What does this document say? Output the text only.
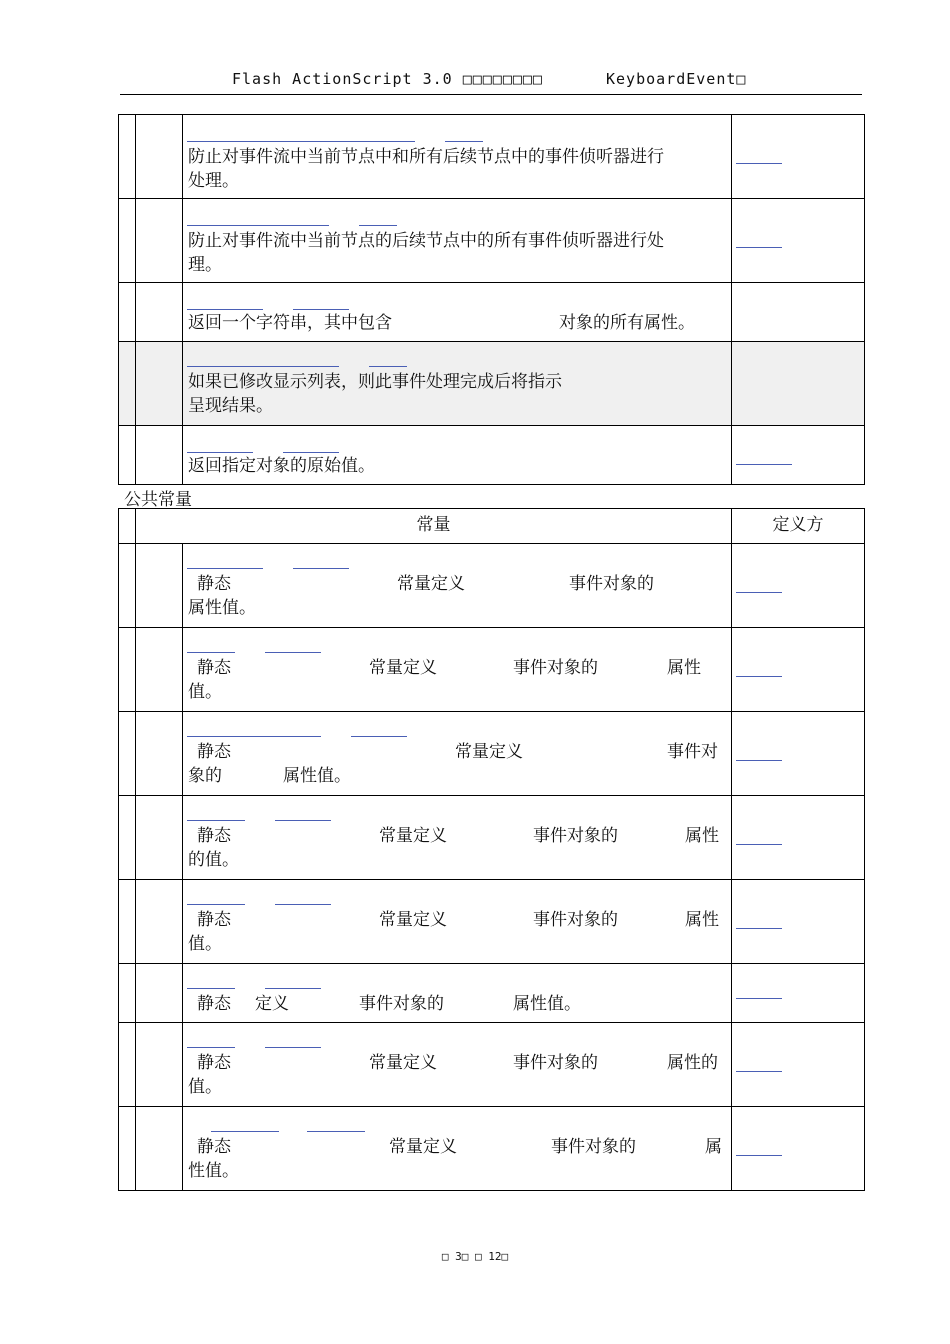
Flash ActionScript 3.0 □□□□□□□□	KeyboardEvent□

		防止对事件流中当前节点中和所有后续节点中的事件侦听器进行
处理。	

		防止对事件流中当前节点的后续节点中的所有事件侦听器进行处
理。	

		返回一个字符串，其中包含 对象的所有属性。	

		如果已修改显示列表，则此事件处理完成后将指示
呈现结果。	

		返回指定对象的原始值。	

公共常量
	常量		定义方

		静态 常量定义 事件对象的
属性值。	

		静态 常量定义 事件对象的 属性
值。	

		静态 常量定义 事件对
象的 属性值。	

		静态 常量定义 事件对象的 属性
的值。	

		静态 常量定义 事件对象的 属性
值。	

		静态 定义 事件对象的 属性值。	

		静态 常量定义 事件对象的 属性的
值。	

		静态 常量定义 事件对象的 属
性值。	

□ 3□ □ 12□
